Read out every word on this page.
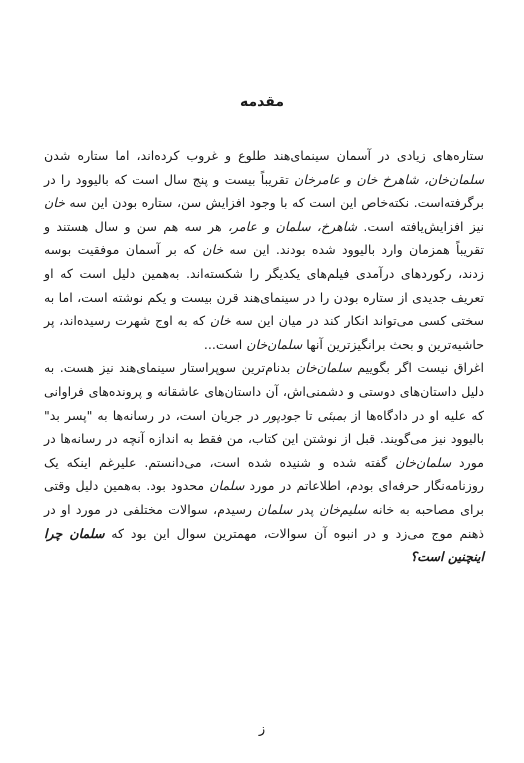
مقدمه

ستاره‌های زیادی در آسمان سینمای‌هند طلوع و غروب کرده‌اند، اما ستاره شدن سلمان‌خان، شاهرخ خان و عامرخان تقریباً بیست و پنج سال است که بالیوود را در برگرفته‌است. نکته‌خاص این است که با وجود افزایش سن، ستاره بودن این سه خان نیز افزایش‌یافته است. شاهرخ، سلمان و عامر، هر سه هم سن و سال هستند و تقریباً همزمان وارد بالیوود شده بودند. این سه خان که بر آسمان موفقیت بوسه زدند، رکوردهای درآمدی فیلم‌های یکدیگر را شکسته‌اند. به‌همین دلیل است که او تعریف جدیدی از ستاره بودن را در سینمای‌هند قرن بیست و یکم نوشته است، اما به سختی کسی می‌تواند انکار کند در میان این سه خان که به اوج شهرت رسیده‌اند، پر حاشیه‌ترین و بحث برانگیزترین آنها سلمان‌خان است...

اغراق نیست اگر بگوییم سلمان‌خان بدنام‌ترین سوپراستار سینمای‌هند نیز هست. به دلیل داستان‌های دوستی و دشمنی‌اش، آن داستان‌های عاشقانه و پرونده‌های فراوانی که علیه او در دادگاه‌ها از بمبئی تا جودپور در جریان است، در رسانه‌ها به "پسر بد" بالیوود نیز می‌گویند. قبل از نوشتن این کتاب، من فقط به اندازه آنچه در رسانه‌ها در مورد سلمان‌خان گفته شده و شنیده شده است، می‌دانستم. علیرغم اینکه یک روزنامه‌نگار حرفه‌ای بودم، اطلاعاتم در مورد سلمان محدود بود. به‌همین دلیل وقتی برای مصاحبه به خانه سلیم‌خان پدر سلمان رسیدم، سوالات مختلفی در مورد او در ذهنم موج می‌زد و در انبوه آن سوالات، مهمترین سوال این بود که سلمان چرا اینچنین است؟

ز
